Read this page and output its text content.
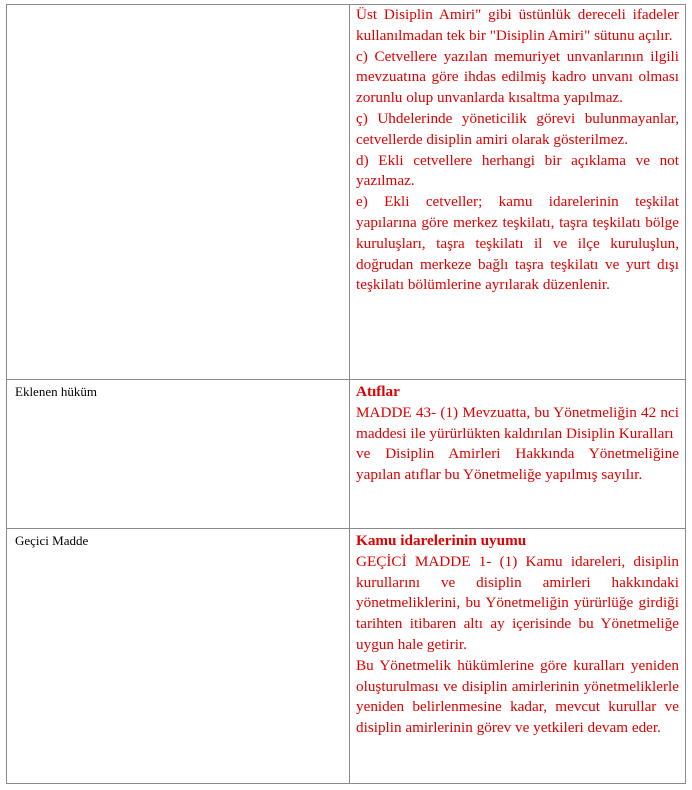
	Üst Disiplin Amiri" gibi üstünlük dereceli ifadeler kullanılmadan tek bir "Disiplin Amiri" sütunu açılır.

c) Cetvellere yazılan memuriyet unvanlarının ilgili mevzuatına göre ihdas edilmiş kadro unvanı olması zorunlu olup unvanlarda kısaltma yapılmaz.

ç) Uhdelerinde yöneticilik görevi bulunmayanlar, cetvellerde disiplin amiri olarak gösterilmez.

d) Ekli cetvellere herhangi bir açıklama ve not yazılmaz.

e) Ekli cetveller; kamu idarelerinin teşkilat yapılarına göre merkez teşkilatı, taşra teşkilatı bölge kuruluşları, taşra teşkilatı il ve ilçe kuruluşlun, doğrudan merkeze bağlı taşra teşkilatı ve yurt dışı teşkilatı bölümlerine ayrılarak düzenlenir.

Eklenen hüküm	Atıflar

MADDE 43- (1) Mevzuatta, bu Yönetmeliğin 42 nci maddesi ile yürürlükten kaldırılan Disiplin Kuralları

ve Disiplin Amirleri Hakkında Yönetmeliğine yapılan atıflar bu Yönetmeliğe yapılmış sayılır.

Geçici Madde	Kamu idarelerinin uyumu

GEÇİCİ MADDE 1- (1) Kamu idareleri, disiplin kurullarını ve disiplin amirleri hakkındaki yönetmeliklerini, bu Yönetmeliğin yürürlüğe girdiği tarihten itibaren altı ay içerisinde bu Yönetmeliğe uygun hale getirir.

Bu Yönetmelik hükümlerine göre kuralları yeniden oluşturulması ve disiplin amirlerinin yönetmeliklerle yeniden belirlenmesine kadar, mevcut kurullar ve disiplin amirlerinin görev ve yetkileri devam eder.
